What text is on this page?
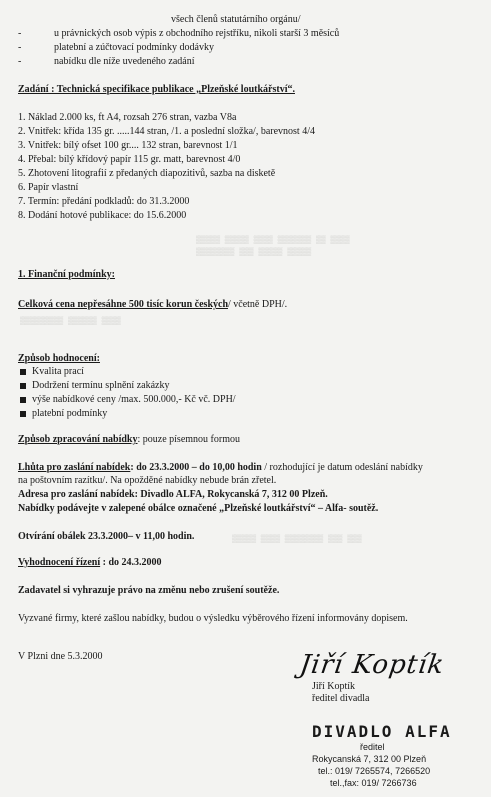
▒▒▒▒▒ ▒▒▒▒▒ ▒▒▒▒ ▒▒▒▒▒▒▒ ▒▒ ▒▒▒▒
▒▒▒▒▒▒▒▒ ▒▒▒ ▒▒▒▒▒ ▒▒▒▒▒
▒▒▒▒▒▒▒▒▒ ▒▒▒▒▒▒ ▒▒▒▒
▒▒▒▒▒ ▒▒▒▒ ▒▒▒▒▒▒▒▒ ▒▒▒ ▒▒▒
všech členů statutárního orgánu/
-	u právnických osob výpis z obchodního rejstříku, nikoli starší 3 měsíců
-	platební a zúčtovací podmínky dodávky
-	nabídku dle níže uvedeného zadání
Zadání : Technická specifikace publikace „Plzeňské loutkářství“.
1. Náklad 2.000 ks, ft A4, rozsah 276 stran, vazba V8a
2. Vnitřek: křída 135 gr. .....144 stran, /1. a poslední složka/, barevnost 4/4
3. Vnitřek: bílý ofset 100 gr.... 132 stran, barevnost 1/1
4. Přebal: bílý křídový papír 115 gr. matt, barevnost 4/0
5. Zhotovení litografií z předaných diapozitivů, sazba na disketě
6. Papír vlastní
7. Termín: předání podkladů: do 31.3.2000
8. Dodání hotové publikace: do 15.6.2000
1. Finanční podmínky:
Celková cena nepřesáhne 500 tisíc korun českých/ včetně DPH/.
Způsob hodnocení:
Kvalita prací
Dodržení termínu splnění zakázky
výše nabídkové ceny /max. 500.000,- Kč vč. DPH/
platební podmínky
Způsob zpracování nabídky: pouze písemnou formou
Lhůta pro zaslání nabídek: do 23.3.2000 – do 10,00 hodin / rozhodující je datum odeslání nabídky
na poštovním razítku/. Na opožděné nabídky nebude brán zřetel.
Adresa pro zaslání nabídek: Divadlo ALFA, Rokycanská 7, 312 00 Plzeň.
Nabídky podávejte v zalepené obálce označené „Plzeňské loutkářství“ – Alfa- soutěž.
Otvírání obálek 23.3.2000– v 11,00 hodin.
Vyhodnocení řízení : do 24.3.2000
Zadavatel si vyhrazuje právo na změnu nebo zrušení soutěže.
Vyzvané firmy, které zašlou nabídky, budou o výsledku výběrového řízení informovány dopisem.
V Plzni dne 5.3.2000	Jiří Koptík
Jiří Koptík
ředitel divadla
DIVADLO ALFA
ředitel
Rokycanská 7, 312 00 Plzeň
tel.: 019/ 7265574, 7266520
tel.,fax: 019/ 7266736
